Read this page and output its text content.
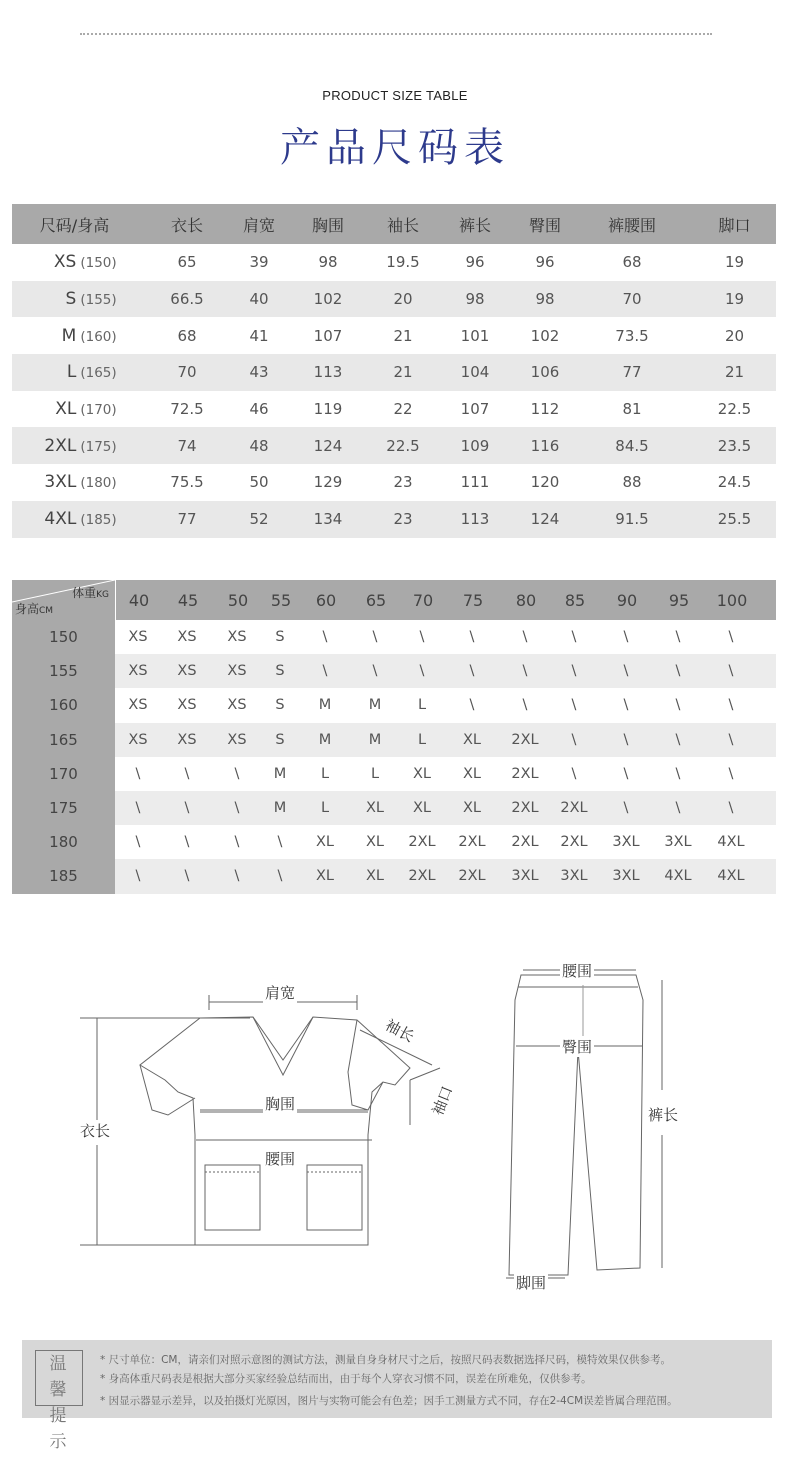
PRODUCT SIZE TABLE
产品尺码表
尺码/身高	衣长	肩宽	胸围	袖长	裤长	臀围	裤腰围	脚口
XS (150)	65	39	98	19.5	96	96	68	19
S (155)	66.5	40	102	20	98	98	70	19
M (160)	68	41	107	21	101	102	73.5	20
L (165)	70	43	113	21	104	106	77	21
XL (170)	72.5	46	119	22	107	112	81	22.5
2XL (175)	74	48	124	22.5	109	116	84.5	23.5
3XL (180)	75.5	50	129	23	111	120	88	24.5
4XL (185)	77	52	134	23	113	124	91.5	25.5
体重KG
身高CM
40	45	50	55	60	65	70	75	80	85	90	95	100
150	XS	XS	XS	S	\	\	\	\	\	\	\	\	\
155	XS	XS	XS	S	\	\	\	\	\	\	\	\	\
160	XS	XS	XS	S	M	M	L	\	\	\	\	\	\
165	XS	XS	XS	S	M	M	L	XL	2XL	\	\	\	\
170	\	\	\	M	L	L	XL	XL	2XL	\	\	\	\
175	\	\	\	M	L	XL	XL	XL	2XL	2XL	\	\	\
180	\	\	\	\	XL	XL	2XL	2XL	2XL	2XL	3XL	3XL	4XL
185	\	\	\	\	XL	XL	2XL	2XL	3XL	3XL	3XL	4XL	4XL
肩宽
袖长
袖口
胸围
腰围
衣长
腰围
臀围
裤长
脚围
温馨
提示
* 尺寸单位：CM，请亲们对照示意图的测试方法，测量自身身材尺寸之后，按照尺码表数据选择尺码，模特效果仅供参考。
* 身高体重尺码表是根据大部分买家经验总结而出，由于每个人穿衣习惯不同，误差在所难免，仅供参考。
* 因显示器显示差异，以及拍摄灯光原因，图片与实物可能会有色差；因手工测量方式不同，存在2-4CM误差皆属合理范围。
